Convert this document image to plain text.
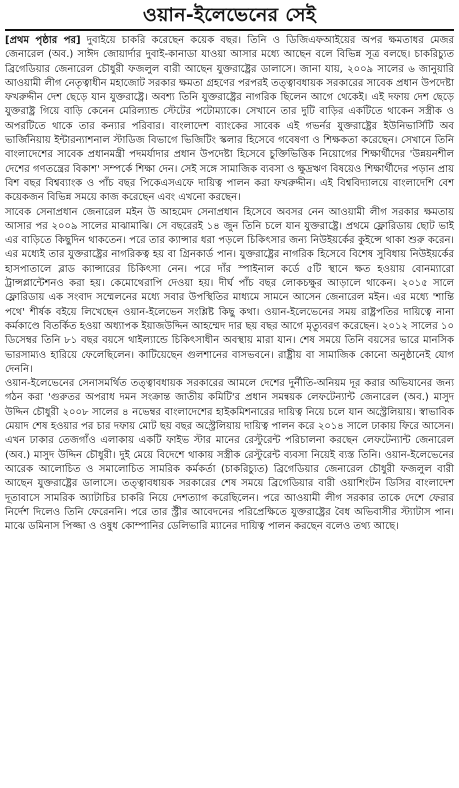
ওয়ান-ইলেভেনের সেই

[প্রথম পৃষ্ঠার পর] দুবাইয়ে চাকরি করেছেন কয়েক বছর। তিনি ও ডিজিএফআইয়ের অপর ক্ষমতাধর মেজর জেনারেল (অব.) সাঈদ জোয়ার্দার দুবাই-কানাডা যাওয়া আসার মধ্যে আছেন বলে বিভিন্ন সূত্র বলছে। চাকরিচ্যুত ব্রিগেডিয়ার জেনারেল চৌধুরী ফজলুল বারী আছেন যুক্তরাষ্ট্রের ডালাসে। জানা যায়, ২০০৯ সালের ৬ জানুয়ারি আওয়ামী লীগ নেতৃত্বাধীন মহাজোট সরকার ক্ষমতা গ্রহণের পরপরই তত্ত্বাবধায়ক সরকারের সাবেক প্রধান উপদেষ্টা ফখরুদ্দীন দেশ ছেড়ে যান যুক্তরাষ্ট্রে। অবশ্য তিনি যুক্তরাষ্ট্রের নাগরিক ছিলেন আগে থেকেই। এই দফায় দেশ ছেড়ে যুক্তরাষ্ট্র গিয়ে বাড়ি কেনেন মেরিল্যান্ড স্টেটের পটোম্যাকে। সেখানে তার দুটি বাড়ির একটিতে থাকেন সস্ত্রীক ও অপরটিতে থাকে তার কন্যার পরিবার। বাংলাদেশ ব্যাংকের সাবেক এই গভর্নর যুক্তরাষ্ট্রের ইউনিভার্সিটি অব ভার্জিনিয়ায় ইন্টারন্যাশনাল স্টাডিজ বিভাগে ভিজিটিং স্কলার হিসেবে গবেষণা ও শিক্ষকতা করেছেন। সেখানে তিনি বাংলাদেশের সাবেক প্রধানমন্ত্রী পদমর্যাদার প্রধান উপদেষ্টা হিসেবে চুক্তিভিত্তিক নিয়োগের শিক্ষার্থীদের 'উন্নয়নশীল দেশের গণতন্ত্রের বিকাশ' সম্পর্কে শিক্ষা দেন। সেই সঙ্গে সামাজিক ব্যবসা ও ক্ষুদ্রঋণ বিষয়েও শিক্ষার্থীদের পড়ান প্রায় বিশ বছর বিশ্বব্যাংক ও পাঁচ বছর পিকেএসএফে দায়িত্ব পালন করা ফখরুদ্দীন। এই বিশ্ববিদ্যালয়ে বাংলাদেশি বেশ কয়েকজন বিভিন্ন সময়ে কাজ করেছেন এবং এখনো করছেন।

সাবেক সেনাপ্রধান জেনারেল মইন উ আহমেদ সেনাপ্রধান হিসেবে অবসর নেন আওয়ামী লীগ সরকার ক্ষমতায় আসার পর ২০০৯ সালের মাঝামাঝি। সে বছরেরই ১৪ জুন তিনি চলে যান যুক্তরাষ্ট্রে। প্রথমে ফ্লোরিডায় ছোট ভাই এর বাড়িতে কিছুদিন থাকতেন। পরে তার ক্যান্সার ধরা পড়লে চিকিৎসার জন্য নিউইয়র্কের কুইন্সে থাকা শুরু করেন। এর মধ্যেই তার যুক্তরাষ্ট্রের নাগরিকত্ব হয় বা গ্রিনকার্ড পান। যুক্তরাষ্ট্রের নাগরিক হিসেবে বিশেষ সুবিধায় নিউইয়র্কের হাসপাতালে ব্লাড ক্যান্সারের চিকিৎসা নেন। পরে দাঁর স্পাইনাল কর্ডে ৫টি স্থানে ক্ষত হওয়ায় বোনম্যারো ট্রান্সপ্লান্টেশনও করা হয়। কেমোথেরাপি দেওয়া হয়। দীর্ঘ পাঁচ বছর লোকচক্ষুর আড়ালে থাকেন। ২০১৫ সালে ফ্লোরিডায় এক সংবাদ সম্মেলনের মধ্যে সবার উপস্থিতির মাধ্যমে সামনে আসেন জেনারেল মইন। এর মধ্যে 'শান্তি পথে' শীর্ষক বইয়ে লিখেছেন ওয়ান-ইলেভেন সংশ্লিষ্ট কিছু কথা। ওয়ান-ইলেভেনের সময় রাষ্ট্রপতির দায়িত্বে নানা কর্মকাণ্ডে বিতর্কিত হওয়া অধ্যাপক ইয়াজউদ্দিন আহম্মেদ দার ছয় বছর আগে মৃত্যুবরণ করেছেন। ২০১২ সালের ১০ ডিসেম্বর তিনি ৮১ বছর বয়সে থাইল্যান্ডে চিকিৎসাধীন অবস্থায় মারা যান। শেষ সময়ে তিনি বয়সের ভারে মানসিক ভারসাম্যও হারিয়ে ফেলেছিলেন। কাটিয়েছেন গুলশানের বাসভবনে। রাষ্ট্রীয় বা সামাজিক কোনো অনুষ্ঠানেই যোগ দেননি।

ওয়ান-ইলেভেনের সেনাসমর্থিত তত্ত্বাবধায়ক সরকারের আমলে দেশের দুর্নীতি-অনিয়ম দূর করার অভিযানের জন্য গঠন করা 'গুরুতর অপরাধ দমন সংক্রান্ত জাতীয় কমিটি'র প্রধান সমন্বয়ক লেফটেন্যান্ট জেনারেল (অব.) মাসুদ উদ্দিন চৌধুরী ২০০৮ সালের ৪ নভেম্বর বাংলাদেশের হাইকমিশনারের দায়িত্ব নিয়ে চলে যান অস্ট্রেলিয়ায়। স্বাভাবিক মেয়াদ শেষ হওয়ার পর চার দফায় মোট ছয় বছর অস্ট্রেলিয়ায় দায়িত্ব পালন করে ২০১৪ সালে ঢাকায় ফিরে আসেন। এখন ঢাকার তেজগাঁও এলাকায় একটি ফাইভ স্টার মানের রেস্টুরেন্ট পরিচালনা করছেন লেফটেন্যান্ট জেনারেল (অব.) মাসুদ উদ্দিন চৌধুরী। দুই মেয়ে বিদেশে থাকায় সস্ত্রীক রেস্টুরেন্ট ব্যবসা নিয়েই ব্যস্ত তিনি। ওয়ান-ইলেভেনের আরেক আলোচিত ও সমালোচিত সামরিক কর্মকর্তা (চাকরিচ্যুত) ব্রিগেডিয়ার জেনারেল চৌধুরী ফজলুল বারী আছেন যুক্তরাষ্ট্রের ডালাসে। তত্ত্বাবধায়ক সরকারের শেষ সময়ে ব্রিগেডিয়ার বারী ওয়াশিংটন ডিসির বাংলাদেশ দূতাবাসে সামরিক অ্যাটাচির চাকরি নিয়ে দেশত্যাগ করেছিলেন। পরে আওয়ামী লীগ সরকার তাকে দেশে ফেরার নির্দেশ দিলেও তিনি ফেরেননি। পরে তার স্ট্রীর আবেদনের পরিপ্রেক্ষিতে যুক্তরাষ্ট্রের বৈধ অভিবাসীর স্ট্যাটাস পান। মাঝে ডমিনাস পিজ্জা ও ওষুধ কোম্পানির ডেলিভারি ম্যানের দায়িত্ব পালন করছেন বলেও তথ্য আছে।
